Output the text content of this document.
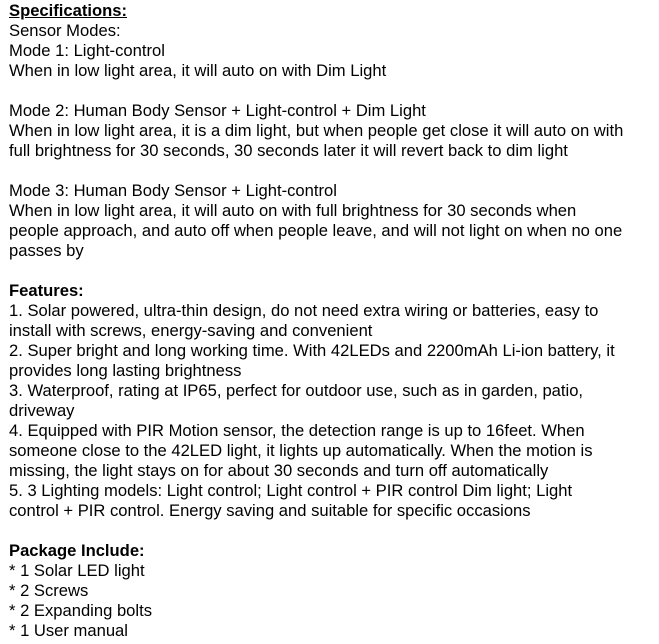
Specifications:
Sensor Modes:
Mode 1: Light-control
When in low light area, it will auto on with Dim Light
Mode 2: Human Body Sensor + Light-control + Dim Light
When in low light area, it is a dim light, but when people get close it will auto on with
full brightness for 30 seconds, 30 seconds later it will revert back to dim light
Mode 3: Human Body Sensor + Light-control
When in low light area, it will auto on with full brightness for 30 seconds when
people approach, and auto off when people leave, and will not light on when no one
passes by
Features:
1. Solar powered, ultra-thin design, do not need extra wiring or batteries, easy to
install with screws, energy-saving and convenient
2. Super bright and long working time. With 42LEDs and 2200mAh Li-ion battery, it
provides long lasting brightness
3. Waterproof, rating at IP65, perfect for outdoor use, such as in garden, patio,
driveway
4. Equipped with PIR Motion sensor, the detection range is up to 16feet. When
someone close to the 42LED light, it lights up automatically. When the motion is
missing, the light stays on for about 30 seconds and turn off automatically
5. 3 Lighting models: Light control; Light control + PIR control Dim light; Light
control + PIR control. Energy saving and suitable for specific occasions
Package Include:
* 1 Solar LED light
* 2 Screws
* 2 Expanding bolts
* 1 User manual
